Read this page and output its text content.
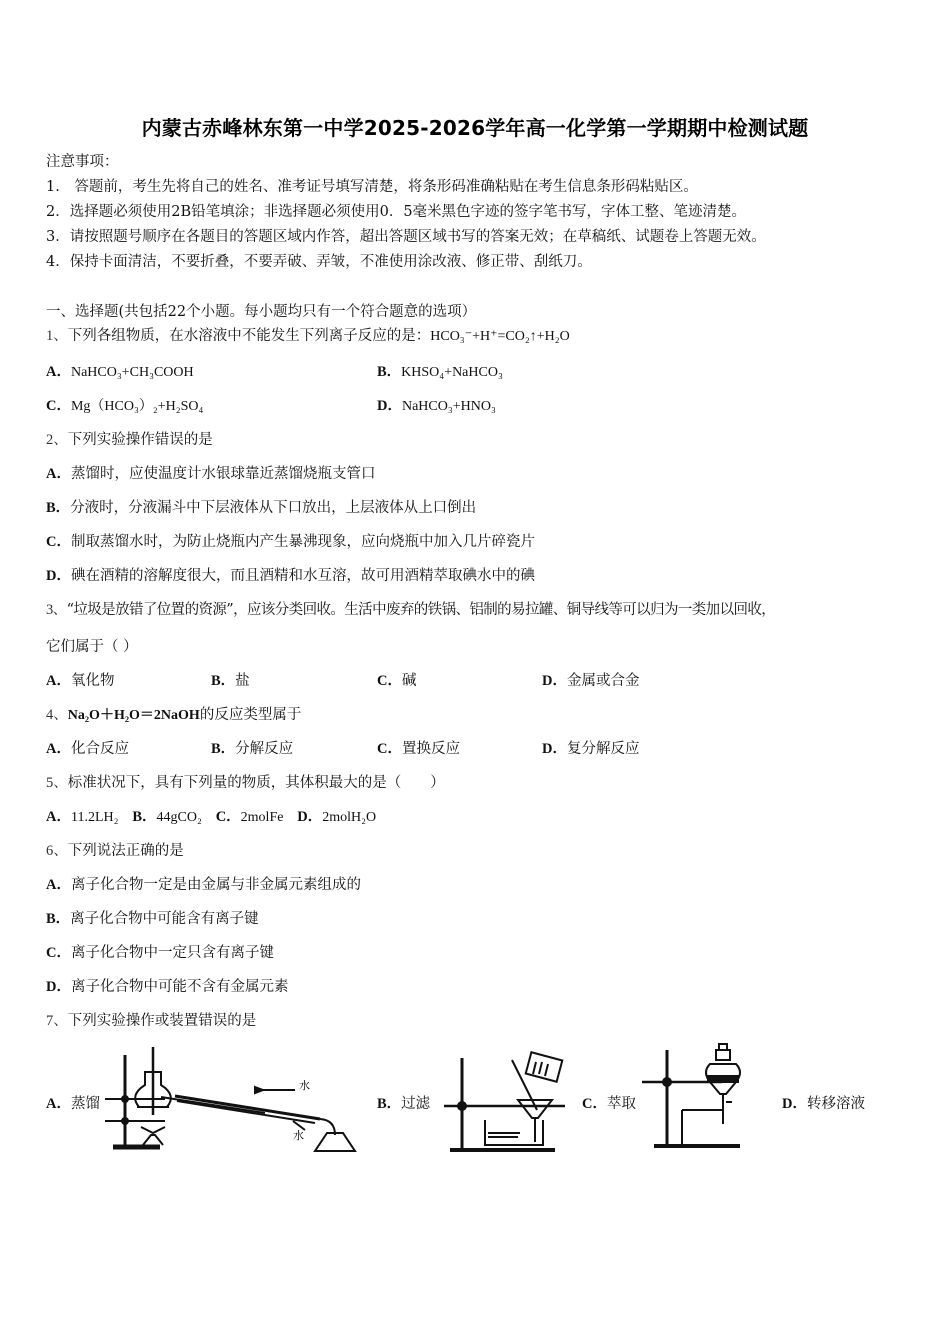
内蒙古赤峰林东第一中学2025-2026学年高一化学第一学期期中检测试题
注意事项：
1.　答题前，考生先将自己的姓名、准考证号填写清楚，将条形码准确粘贴在考生信息条形码粘贴区。
2．选择题必须使用2B铅笔填涂；非选择题必须使用0．5毫米黑色字迹的签字笔书写，字体工整、笔迹清楚。
3．请按照题号顺序在各题目的答题区域内作答，超出答题区域书写的答案无效；在草稿纸、试题卷上答题无效。
4．保持卡面清洁，不要折叠，不要弄破、弄皱，不准使用涂改液、修正带、刮纸刀。
一、选择题(共包括22个小题。每小题均只有一个符合题意的选项）
1、下列各组物质，在水溶液中不能发生下列离子反应的是：HCO₃⁻+H⁺=CO₂↑+H₂O
A．NaHCO₃+CH₃COOH	B．KHSO₄+NaHCO₃
C．Mg（HCO₃）₂+H₂SO₄	D．NaHCO₃+HNO₃
2、下列实验操作错误的是
A．蒸馏时，应使温度计水银球靠近蒸馏烧瓶支管口
B．分液时，分液漏斗中下层液体从下口放出，上层液体从上口倒出
C．制取蒸馏水时，为防止烧瓶内产生暴沸现象，应向烧瓶中加入几片碎瓷片
D．碘在酒精的溶解度很大，而且酒精和水互溶，故可用酒精萃取碘水中的碘
3、“垃圾是放错了位置的资源”，应该分类回收。生活中废弃的铁锅、铝制的易拉罐、铜导线等可以归为一类加以回收，
它们属于（ ）
A．氧化物	B．盐	C．碱	D．金属或合金
4、Na₂O＋H₂O＝2NaOH的反应类型属于
A．化合反应	B．分解反应	C．置换反应	D．复分解反应
5、标准状况下，具有下列量的物质，其体积最大的是（　　）
A．11.2LH₂ B．44gCO₂ C．2molFe D．2molH₂O
6、下列说法正确的是
A．离子化合物一定是由金属与非金属元素组成的
B．离子化合物中可能含有离子键
C．离子化合物中一定只含有离子键
D．离子化合物中可能不含有金属元素
7、下列实验操作或装置错误的是
A．蒸馏
水
水
B．过滤	C．萃取	D．转移溶液
